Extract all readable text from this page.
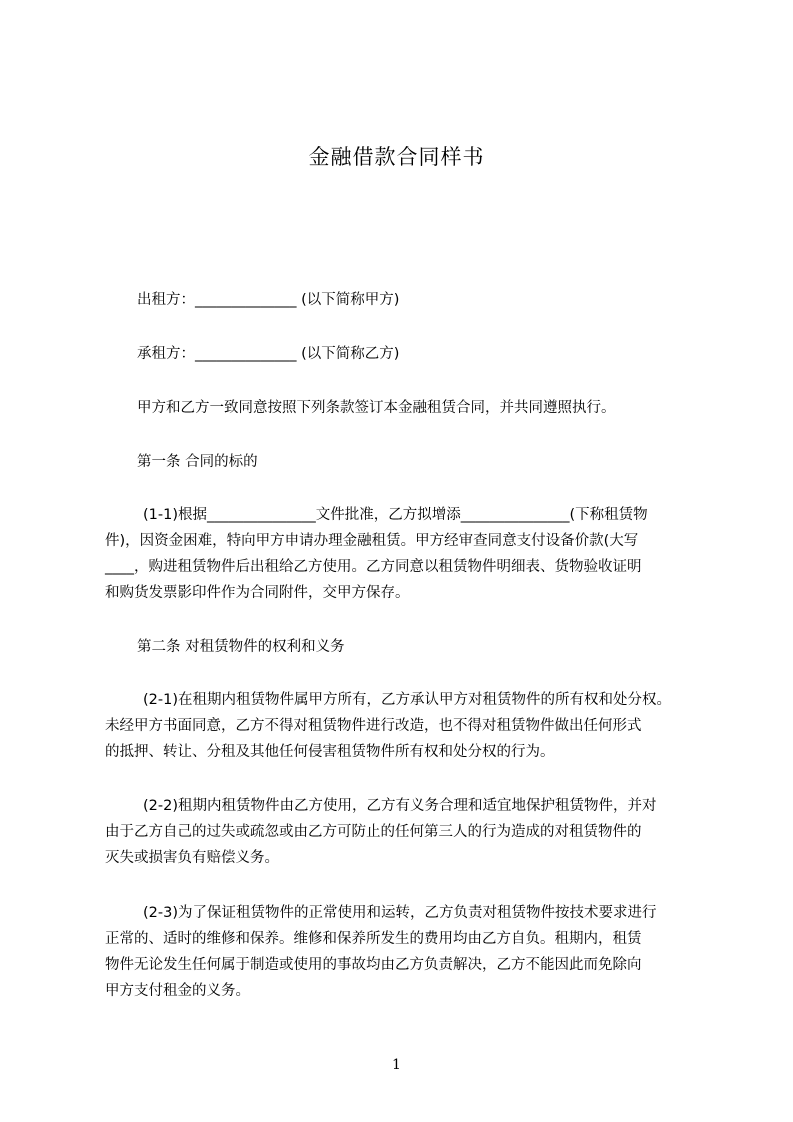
金融借款合同样书
出租方：______________ (以下简称甲方)
承租方：______________ (以下简称乙方)
甲方和乙方一致同意按照下列条款签订本金融租赁合同，并共同遵照执行。
第一条 合同的标的
(1-1)根据_______________文件批准，乙方拟增添_______________(下称租赁物
件)，因资金困难，特向甲方申请办理金融租赁。甲方经审查同意支付设备价款(大写
____，购进租赁物件后出租给乙方使用。乙方同意以租赁物件明细表、货物验收证明
和购货发票影印件作为合同附件，交甲方保存。
第二条 对租赁物件的权利和义务
(2-1)在租期内租赁物件属甲方所有，乙方承认甲方对租赁物件的所有权和处分权。
未经甲方书面同意，乙方不得对租赁物件进行改造，也不得对租赁物件做出任何形式
的抵押、转让、分租及其他任何侵害租赁物件所有权和处分权的行为。
(2-2)租期内租赁物件由乙方使用，乙方有义务合理和适宜地保护租赁物件，并对
由于乙方自己的过失或疏忽或由乙方可防止的任何第三人的行为造成的对租赁物件的
灭失或损害负有赔偿义务。
(2-3)为了保证租赁物件的正常使用和运转，乙方负责对租赁物件按技术要求进行
正常的、适时的维修和保养。维修和保养所发生的费用均由乙方自负。租期内，租赁
物件无论发生任何属于制造或使用的事故均由乙方负责解决，乙方不能因此而免除向
甲方支付租金的义务。
1
